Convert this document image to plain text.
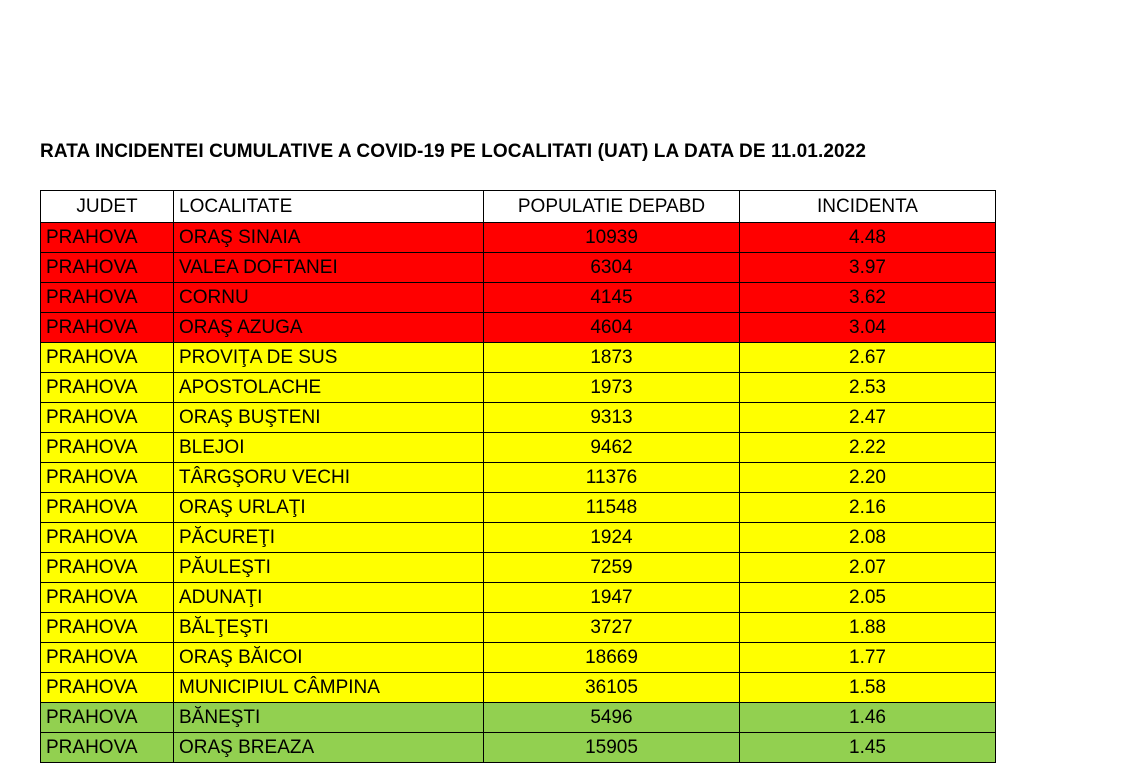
RATA INCIDENTEI CUMULATIVE A COVID-19 PE LOCALITATI (UAT) LA DATA DE 11.01.2022
JUDET	LOCALITATE	POPULATIE DEPABD	INCIDENTA
PRAHOVA	ORAŞ SINAIA	10939	4.48
PRAHOVA	VALEA DOFTANEI	6304	3.97
PRAHOVA	CORNU	4145	3.62
PRAHOVA	ORAŞ AZUGA	4604	3.04
PRAHOVA	PROVIŢA DE SUS	1873	2.67
PRAHOVA	APOSTOLACHE	1973	2.53
PRAHOVA	ORAŞ BUŞTENI	9313	2.47
PRAHOVA	BLEJOI	9462	2.22
PRAHOVA	TÂRGŞORU VECHI	11376	2.20
PRAHOVA	ORAŞ URLAŢI	11548	2.16
PRAHOVA	PĂCUREŢI	1924	2.08
PRAHOVA	PĂULEŞTI	7259	2.07
PRAHOVA	ADUNAŢI	1947	2.05
PRAHOVA	BĂLŢEŞTI	3727	1.88
PRAHOVA	ORAŞ BĂICOI	18669	1.77
PRAHOVA	MUNICIPIUL CÂMPINA	36105	1.58
PRAHOVA	BĂNEŞTI	5496	1.46
PRAHOVA	ORAŞ BREAZA	15905	1.45
